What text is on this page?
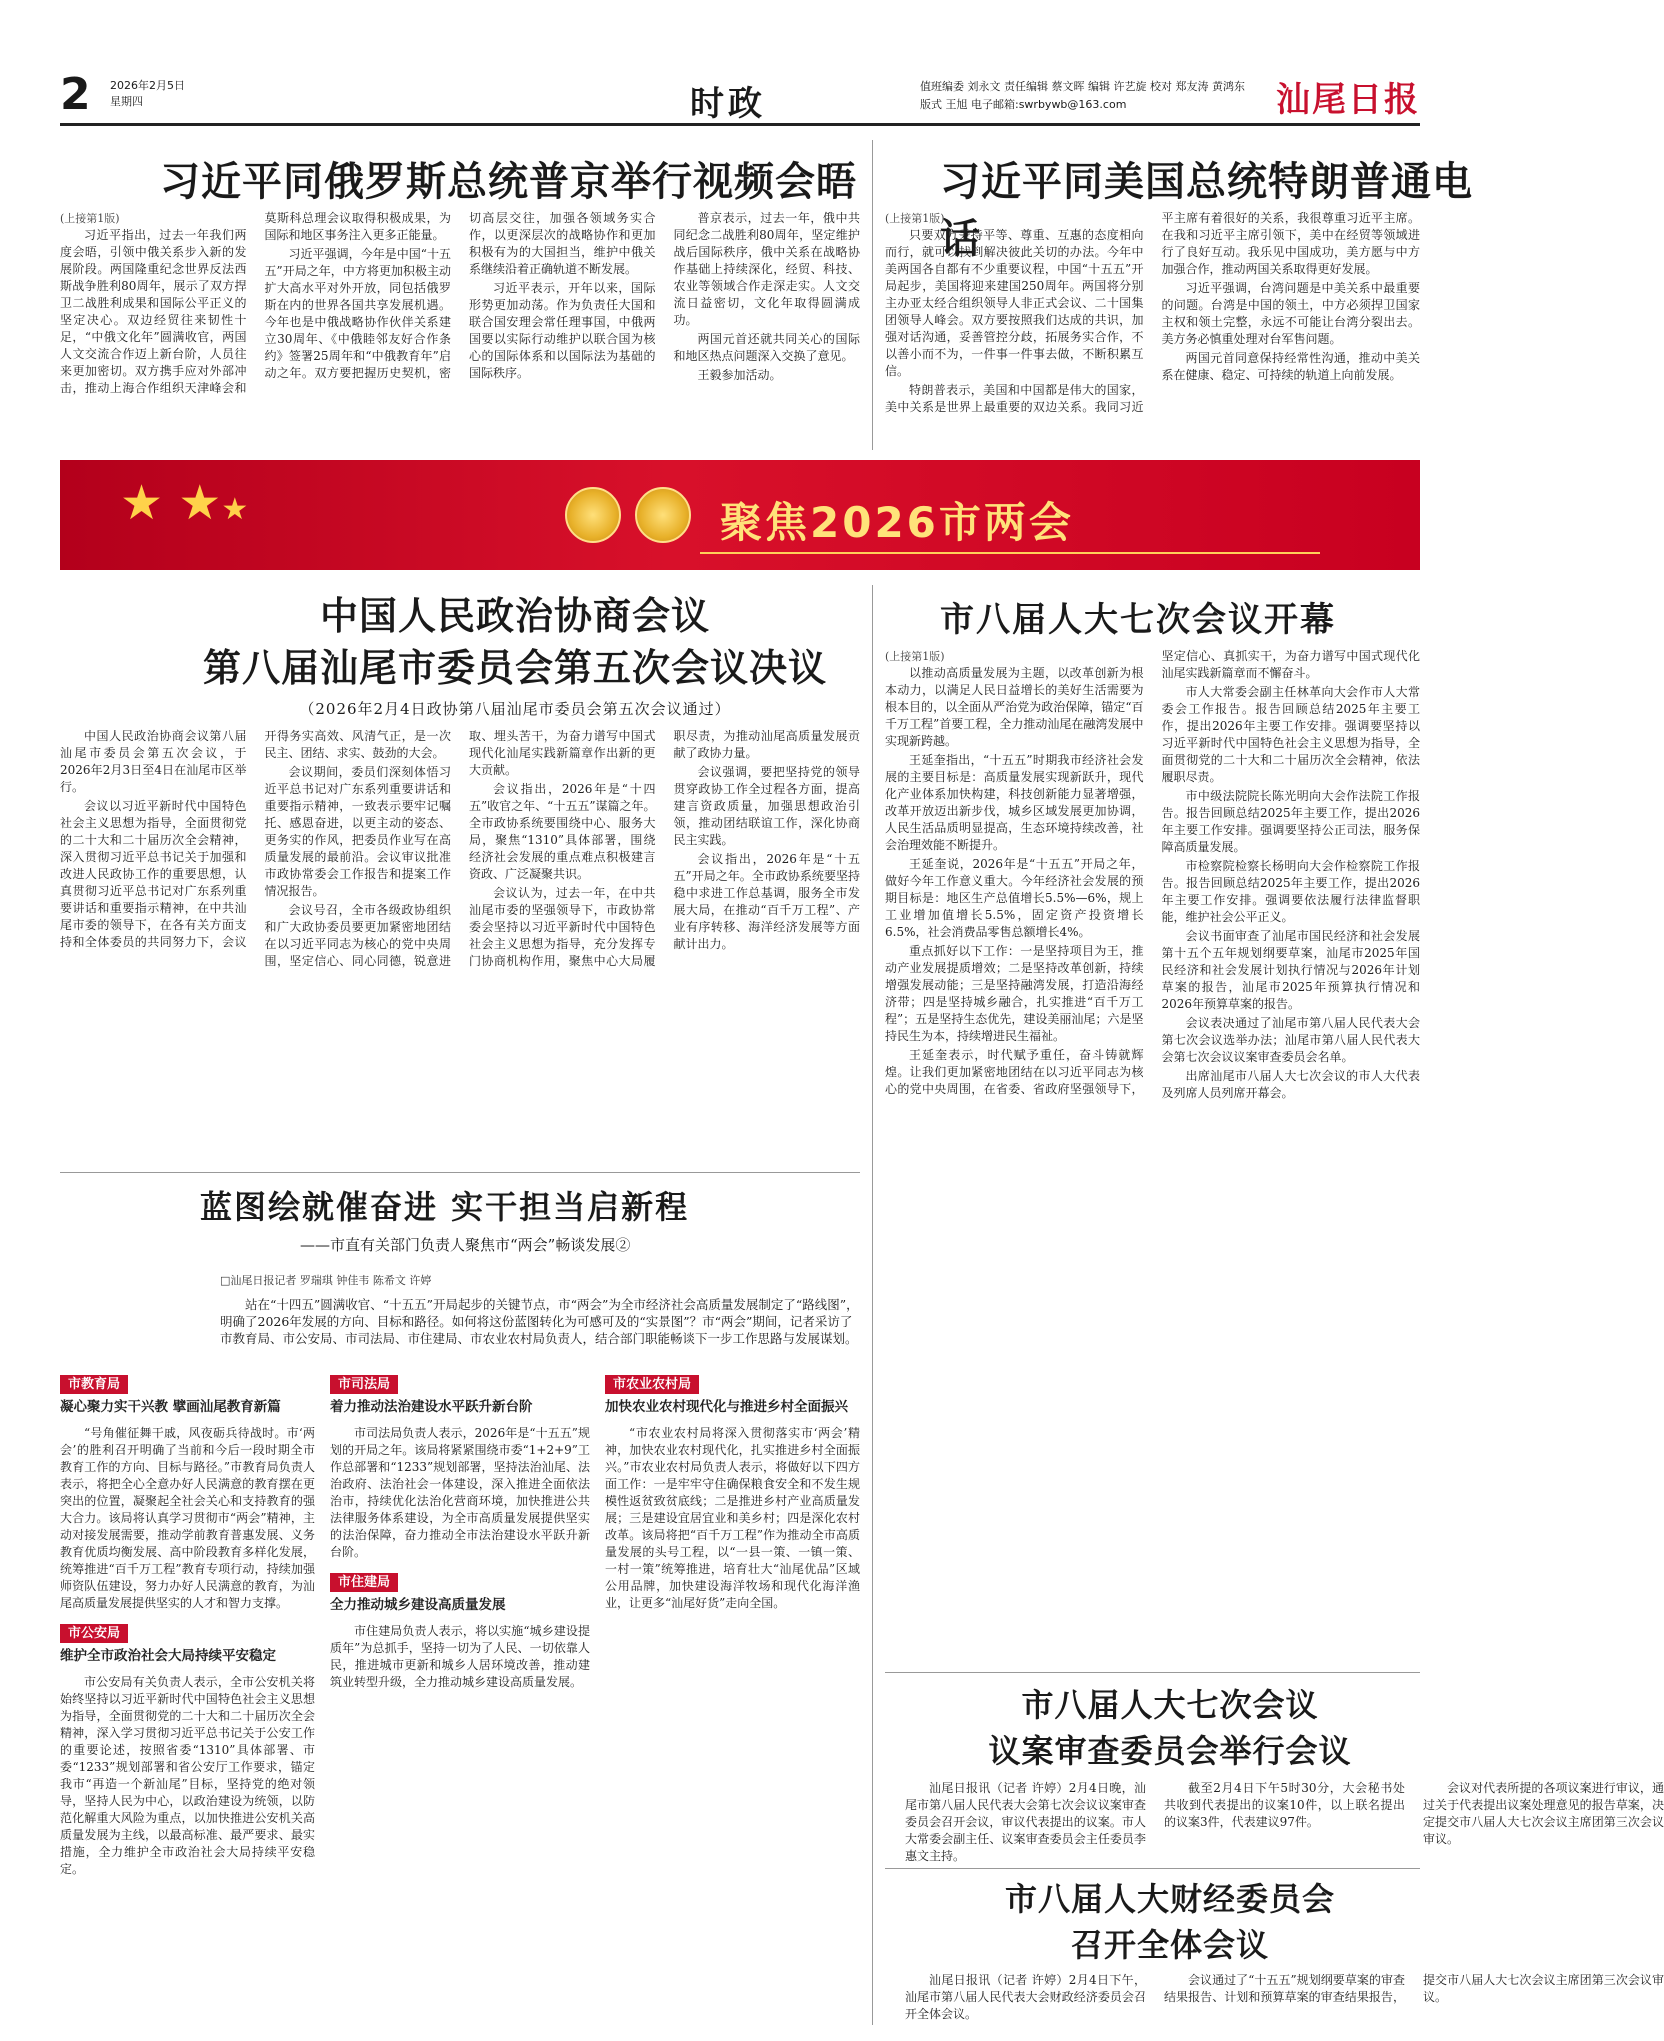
2 2026年2月5日
星期四	时政	值班编委 刘永文 责任编辑 蔡文晖 编辑 许艺旋 校对 郑友涛 黄鸿东
版式 王旭 电子邮箱:swrbywb@163.com	汕尾日报
习近平同俄罗斯总统普京举行视频会晤
(上接第1版)

习近平指出，过去一年我们两度会晤，引领中俄关系步入新的发展阶段。两国隆重纪念世界反法西斯战争胜利80周年，展示了双方捍卫二战胜利成果和国际公平正义的坚定决心。双边经贸往来韧性十足，“中俄文化年”圆满收官，两国人文交流合作迈上新台阶，人员往来更加密切。双方携手应对外部冲击，推动上海合作组织天津峰会和莫斯科总理会议取得积极成果，为国际和地区事务注入更多正能量。

习近平强调，今年是中国“十五五”开局之年，中方将更加积极主动扩大高水平对外开放，同包括俄罗斯在内的世界各国共享发展机遇。今年也是中俄战略协作伙伴关系建立30周年、《中俄睦邻友好合作条约》签署25周年和“中俄教育年”启动之年。双方要把握历史契机，密切高层交往，加强各领域务实合作，以更深层次的战略协作和更加积极有为的大国担当，维护中俄关系继续沿着正确轨道不断发展。

习近平表示，开年以来，国际形势更加动荡。作为负责任大国和联合国安理会常任理事国，中俄两国要以实际行动维护以联合国为核心的国际体系和以国际法为基础的国际秩序。

普京表示，过去一年，俄中共同纪念二战胜利80周年，坚定维护战后国际秩序，俄中关系在战略协作基础上持续深化，经贸、科技、农业等领域合作走深走实。人文交流日益密切，文化年取得圆满成功。

两国元首还就共同关心的国际和地区热点问题深入交换了意见。

王毅参加活动。

习近平同美国总统特朗普通电话
(上接第1版)

只要双方秉持平等、尊重、互惠的态度相向而行，就可以找到解决彼此关切的办法。今年中美两国各自都有不少重要议程，中国“十五五”开局起步，美国将迎来建国250周年。两国将分别主办亚太经合组织领导人非正式会议、二十国集团领导人峰会。双方要按照我们达成的共识，加强对话沟通，妥善管控分歧，拓展务实合作，不以善小而不为，一件事一件事去做，不断积累互信。

特朗普表示，美国和中国都是伟大的国家，美中关系是世界上最重要的双边关系。我同习近平主席有着很好的关系，我很尊重习近平主席。在我和习近平主席引领下，美中在经贸等领域进行了良好互动。我乐见中国成功，美方愿与中方加强合作，推动两国关系取得更好发展。

习近平强调，台湾问题是中美关系中最重要的问题。台湾是中国的领土，中方必须捍卫国家主权和领土完整，永远不可能让台湾分裂出去。美方务必慎重处理对台军售问题。

两国元首同意保持经常性沟通，推动中美关系在健康、稳定、可持续的轨道上向前发展。

★ ★★	聚焦2026市两会
中国人民政治协商会议
第八届汕尾市委员会第五次会议决议
（2026年2月4日政协第八届汕尾市委员会第五次会议通过）

中国人民政治协商会议第八届汕尾市委员会第五次会议，于2026年2月3日至4日在汕尾市区举行。

会议以习近平新时代中国特色社会主义思想为指导，全面贯彻党的二十大和二十届历次全会精神，深入贯彻习近平总书记关于加强和改进人民政协工作的重要思想，认真贯彻习近平总书记对广东系列重要讲话和重要指示精神，在中共汕尾市委的领导下，在各有关方面支持和全体委员的共同努力下，会议开得务实高效、风清气正，是一次民主、团结、求实、鼓劲的大会。

会议期间，委员们深刻体悟习近平总书记对广东系列重要讲话和重要指示精神，一致表示要牢记嘱托、感恩奋进，以更主动的姿态、更务实的作风，把委员作业写在高质量发展的最前沿。会议审议批准市政协常委会工作报告和提案工作情况报告。

会议号召，全市各级政协组织和广大政协委员要更加紧密地团结在以习近平同志为核心的党中央周围，坚定信心、同心同德，锐意进取、埋头苦干，为奋力谱写中国式现代化汕尾实践新篇章作出新的更大贡献。

会议指出，2026年是“十四五”收官之年、“十五五”谋篇之年。全市政协系统要围绕中心、服务大局，聚焦“1310”具体部署，围绕经济社会发展的重点难点积极建言资政、广泛凝聚共识。

会议认为，过去一年，在中共汕尾市委的坚强领导下，市政协常委会坚持以习近平新时代中国特色社会主义思想为指导，充分发挥专门协商机构作用，聚焦中心大局履职尽责，为推动汕尾高质量发展贡献了政协力量。

会议强调，要把坚持党的领导贯穿政协工作全过程各方面，提高建言资政质量，加强思想政治引领，推动团结联谊工作，深化协商民主实践。

会议指出，2026年是“十五五”开局之年。全市政协系统要坚持稳中求进工作总基调，服务全市发展大局，在推动“百千万工程”、产业有序转移、海洋经济发展等方面献计出力。

市八届人大七次会议开幕
(上接第1版)

以推动高质量发展为主题，以改革创新为根本动力，以满足人民日益增长的美好生活需要为根本目的，以全面从严治党为政治保障，锚定“百千万工程”首要工程，全力推动汕尾在融湾发展中实现新跨越。

王延奎指出，“十五五”时期我市经济社会发展的主要目标是：高质量发展实现新跃升，现代化产业体系加快构建，科技创新能力显著增强，改革开放迈出新步伐，城乡区域发展更加协调，人民生活品质明显提高，生态环境持续改善，社会治理效能不断提升。

王延奎说，2026年是“十五五”开局之年，做好今年工作意义重大。今年经济社会发展的预期目标是：地区生产总值增长5.5%—6%，规上工业增加值增长5.5%，固定资产投资增长6.5%，社会消费品零售总额增长4%。

重点抓好以下工作：一是坚持项目为王，推动产业发展提质增效；二是坚持改革创新，持续增强发展动能；三是坚持融湾发展，打造沿海经济带；四是坚持城乡融合，扎实推进“百千万工程”；五是坚持生态优先，建设美丽汕尾；六是坚持民生为本，持续增进民生福祉。

王延奎表示，时代赋予重任，奋斗铸就辉煌。让我们更加紧密地团结在以习近平同志为核心的党中央周围，在省委、省政府坚强领导下，坚定信心、真抓实干，为奋力谱写中国式现代化汕尾实践新篇章而不懈奋斗。

市人大常委会副主任林革向大会作市人大常委会工作报告。报告回顾总结2025年主要工作，提出2026年主要工作安排。强调要坚持以习近平新时代中国特色社会主义思想为指导，全面贯彻党的二十大和二十届历次全会精神，依法履职尽责。

市中级法院院长陈光明向大会作法院工作报告。报告回顾总结2025年主要工作，提出2026年主要工作安排。强调要坚持公正司法，服务保障高质量发展。

市检察院检察长杨明向大会作检察院工作报告。报告回顾总结2025年主要工作，提出2026年主要工作安排。强调要依法履行法律监督职能，维护社会公平正义。

会议书面审查了汕尾市国民经济和社会发展第十五个五年规划纲要草案，汕尾市2025年国民经济和社会发展计划执行情况与2026年计划草案的报告，汕尾市2025年预算执行情况和2026年预算草案的报告。

会议表决通过了汕尾市第八届人民代表大会第七次会议选举办法；汕尾市第八届人民代表大会第七次会议议案审查委员会名单。

出席汕尾市八届人大七次会议的市人大代表及列席人员列席开幕会。

蓝图绘就催奋进 实干担当启新程
——市直有关部门负责人聚焦市“两会”畅谈发展②
□汕尾日报记者 罗瑞琪 钟佳韦 陈希文 许婷
站在“十四五”圆满收官、“十五五”开局起步的关键节点，市“两会”为全市经济社会高质量发展制定了“路线图”，明确了2026年发展的方向、目标和路径。如何将这份蓝图转化为可感可及的“实景图”？市“两会”期间，记者采访了市教育局、市公安局、市司法局、市住建局、市农业农村局负责人，结合部门职能畅谈下一步工作思路与发展谋划。
市教育局
凝心聚力实干兴教 擘画汕尾教育新篇

“号角催征舞干戚，风夜砺兵待战时。市‘两会’的胜利召开明确了当前和今后一段时期全市教育工作的方向、目标与路径。”市教育局负责人表示，将把全心全意办好人民满意的教育摆在更突出的位置，凝聚起全社会关心和支持教育的强大合力。该局将认真学习贯彻市“两会”精神，主动对接发展需要，推动学前教育普惠发展、义务教育优质均衡发展、高中阶段教育多样化发展，统筹推进“百千万工程”教育专项行动，持续加强师资队伍建设，努力办好人民满意的教育，为汕尾高质量发展提供坚实的人才和智力支撑。

市公安局
维护全市政治社会大局持续平安稳定

市公安局有关负责人表示，全市公安机关将始终坚持以习近平新时代中国特色社会主义思想为指导，全面贯彻党的二十大和二十届历次全会精神，深入学习贯彻习近平总书记关于公安工作的重要论述，按照省委“1310”具体部署、市委“1233”规划部署和省公安厅工作要求，锚定我市“再造一个新汕尾”目标，坚持党的绝对领导，坚持人民为中心，以政治建设为统领，以防范化解重大风险为重点，以加快推进公安机关高质量发展为主线，以最高标准、最严要求、最实措施，全力维护全市政治社会大局持续平安稳定。

市司法局
着力推动法治建设水平跃升新台阶

市司法局负责人表示，2026年是“十五五”规划的开局之年。该局将紧紧围绕市委“1+2+9”工作总部署和“1233”规划部署，坚持法治汕尾、法治政府、法治社会一体建设，深入推进全面依法治市，持续优化法治化营商环境，加快推进公共法律服务体系建设，为全市高质量发展提供坚实的法治保障，奋力推动全市法治建设水平跃升新台阶。

市住建局
全力推动城乡建设高质量发展

市住建局负责人表示，将以实施“城乡建设提质年”为总抓手，坚持一切为了人民、一切依靠人民，推进城市更新和城乡人居环境改善，推动建筑业转型升级，全力推动城乡建设高质量发展。

市农业农村局
加快农业农村现代化与推进乡村全面振兴

“市农业农村局将深入贯彻落实市‘两会’精神，加快农业农村现代化，扎实推进乡村全面振兴。”市农业农村局负责人表示，将做好以下四方面工作：一是牢牢守住确保粮食安全和不发生规模性返贫致贫底线；二是推进乡村产业高质量发展；三是建设宜居宜业和美乡村；四是深化农村改革。该局将把“百千万工程”作为推动全市高质量发展的头号工程，以“一县一策、一镇一策、一村一策”统筹推进，培育壮大“汕尾优品”区域公用品牌，加快建设海洋牧场和现代化海洋渔业，让更多“汕尾好货”走向全国。

市八届人大七次会议
议案审查委员会举行会议

汕尾日报讯（记者 许婷）2月4日晚，汕尾市第八届人民代表大会第七次会议议案审查委员会召开会议，审议代表提出的议案。市人大常委会副主任、议案审查委员会主任委员李惠文主持。

截至2月4日下午5时30分，大会秘书处共收到代表提出的议案10件，以上联名提出的议案3件，代表建议97件。

会议对代表所提的各项议案进行审议，通过关于代表提出议案处理意见的报告草案，决定提交市八届人大七次会议主席团第三次会议审议。

市八届人大财经委员会
召开全体会议

汕尾日报讯（记者 许婷）2月4日下午，汕尾市第八届人民代表大会财政经济委员会召开全体会议。

会议通过了“十五五”规划纲要草案的审查结果报告、计划和预算草案的审查结果报告，提交市八届人大七次会议主席团第三次会议审议。
